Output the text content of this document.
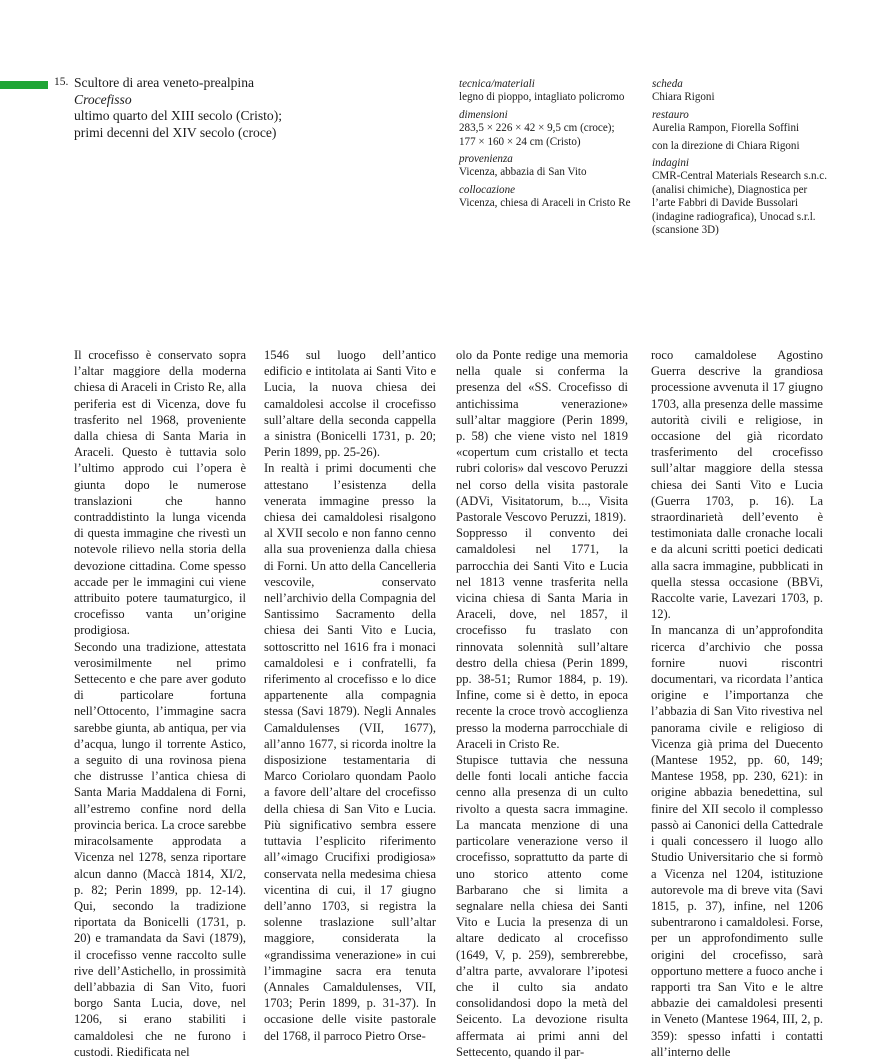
15. Scultore di area veneto-prealpina
Crocefisso
ultimo quarto del XIII secolo (Cristo);
primi decenni del XIV secolo (croce)
tecnica/materiali
legno di pioppo, intagliato policromo
dimensioni
283,5 × 226 × 42 × 9,5 cm (croce);
177 × 160 × 24 cm (Cristo)
provenienza
Vicenza, abbazia di San Vito
collocazione
Vicenza, chiesa di Araceli in Cristo Re
scheda
Chiara Rigoni
restauro
Aurelia Rampon, Fiorella Soffini
con la direzione di Chiara Rigoni
indagini
CMR-Central Materials Research s.n.c. (analisi chimiche), Diagnostica per l’arte Fabbri di Davide Bussolari (indagine radiografica), Unocad s.r.l. (scansione 3D)

Il crocefisso è conservato sopra l’altar maggiore della moderna chiesa di Araceli in Cristo Re, alla periferia est di Vicenza, dove fu trasferito nel 1968, proveniente dalla chiesa di Santa Maria in Araceli. Questo è tuttavia solo l’ultimo approdo cui l’opera è giunta dopo le numerose translazioni che hanno contraddistinto la lunga vicenda di questa immagine che rivestì un notevole rilievo nella storia della devozione cittadina. Come spesso accade per le immagini cui viene attribuito potere taumaturgico, il crocefisso vanta un’origine prodigiosa.

Secondo una tradizione, attestata verosimilmente nel primo Settecento e che pare aver goduto di particolare fortuna nell’Ottocento, l’immagine sacra sarebbe giunta, ab antiqua, per via d’acqua, lungo il torrente Astico, a seguito di una rovinosa piena che distrusse l’antica chiesa di Santa Maria Maddalena di Forni, all’estremo confine nord della provincia berica. La croce sarebbe miracolsamente approdata a Vicenza nel 1278, senza riportare alcun danno (Maccà 1814, XI/2, p. 82; Perin 1899, pp. 12-14). Qui, secondo la tradizione riportata da Bonicelli (1731, p. 20) e tramandata da Savi (1879), il crocefisso venne raccolto sulle rive dell’Astichello, in prossimità dell’abbazia di San Vito, fuori borgo Santa Lucia, dove, nel 1206, si erano stabiliti i camaldolesi che ne furono i custodi. Riedificata nel

1546 sul luogo dell’antico edificio e intitolata ai Santi Vito e Lucia, la nuova chiesa dei camaldolesi accolse il crocefisso sull’altare della seconda cappella a sinistra (Bonicelli 1731, p. 20; Perin 1899, pp. 25-26).

In realtà i primi documenti che attestano l’esistenza della venerata immagine presso la chiesa dei camaldolesi risalgono al XVII secolo e non fanno cenno alla sua provenienza dalla chiesa di Forni. Un atto della Cancelleria vescovile, conservato nell’archivio della Compagnia del Santissimo Sacramento della chiesa dei Santi Vito e Lucia, sottoscritto nel 1616 fra i monaci camaldolesi e i confratelli, fa riferimento al crocefisso e lo dice appartenente alla compagnia stessa (Savi 1879). Negli Annales Camaldulenses (VII, 1677), all’anno 1677, si ricorda inoltre la disposizione testamentaria di Marco Coriolaro quondam Paolo a favore dell’altare del crocefisso della chiesa di San Vito e Lucia. Più significativo sembra essere tuttavia l’esplicito riferimento all’«imago Crucifixi prodigiosa» conservata nella medesima chiesa vicentina di cui, il 17 giugno dell’anno 1703, si registra la solenne traslazione sull’altar maggiore, considerata la «grandissima venerazione» in cui l’immagine sacra era tenuta (Annales Camaldulenses, VII, 1703; Perin 1899, p. 31-37). In occasione delle visite pastorale del 1768, il parroco Pietro Orse-

olo da Ponte redige una memoria nella quale si conferma la presenza del «SS. Crocefisso di antichissima venerazione» sull’altar maggiore (Perin 1899, p. 58) che viene visto nel 1819 «copertum cum cristallo et tecta rubri coloris» dal vescovo Peruzzi nel corso della visita pastorale (ADVi, Visitatorum, b..., Visita Pastorale Vescovo Peruzzi, 1819).

Soppresso il convento dei camaldolesi nel 1771, la parrocchia dei Santi Vito e Lucia nel 1813 venne trasferita nella vicina chiesa di Santa Maria in Araceli, dove, nel 1857, il crocefisso fu traslato con rinnovata solennità sull’altare destro della chiesa (Perin 1899, pp. 38-51; Rumor 1884, p. 19). Infine, come si è detto, in epoca recente la croce trovò accoglienza presso la moderna parrocchiale di Araceli in Cristo Re.

Stupisce tuttavia che nessuna delle fonti locali antiche faccia cenno alla presenza di un culto rivolto a questa sacra immagine. La mancata menzione di una particolare venerazione verso il crocefisso, soprattutto da parte di uno storico attento come Barbarano che si limita a segnalare nella chiesa dei Santi Vito e Lucia la presenza di un altare dedicato al crocefisso (1649, V, p. 259), sembrerebbe, d’altra parte, avvalorare l’ipotesi che il culto sia andato consolidandosi dopo la metà del Seicento. La devozione risulta affermata ai primi anni del Settecento, quando il par-

roco camaldolese Agostino Guerra descrive la grandiosa processione avvenuta il 17 giugno 1703, alla presenza delle massime autorità civili e religiose, in occasione del già ricordato trasferimento del crocefisso sull’altar maggiore della stessa chiesa dei Santi Vito e Lucia (Guerra 1703, p. 16). La straordinarietà dell’evento è testimoniata dalle cronache locali e da alcuni scritti poetici dedicati alla sacra immagine, pubblicati in quella stessa occasione (BBVi, Raccolte varie, Lavezari 1703, p. 12).

In mancanza di un’approfondita ricerca d’archivio che possa fornire nuovi riscontri documentari, va ricordata l’antica origine e l’importanza che l’abbazia di San Vito rivestiva nel panorama civile e religioso di Vicenza già prima del Duecento (Mantese 1952, pp. 60, 149; Mantese 1958, pp. 230, 621): in origine abbazia benedettina, sul finire del XII secolo il complesso passò ai Canonici della Cattedrale i quali concessero il luogo allo Studio Universitario che si formò a Vicenza nel 1204, istituzione autorevole ma di breve vita (Savi 1815, p. 37), infine, nel 1206 subentrarono i camaldolesi. Forse, per un approfondimento sulle origini del crocefisso, sarà opportuno mettere a fuoco anche i rapporti tra San Vito e le altre abbazie dei camaldolesi presenti in Veneto (Mantese 1964, III, 2, p. 359): spesso infatti i contatti all’interno delle
